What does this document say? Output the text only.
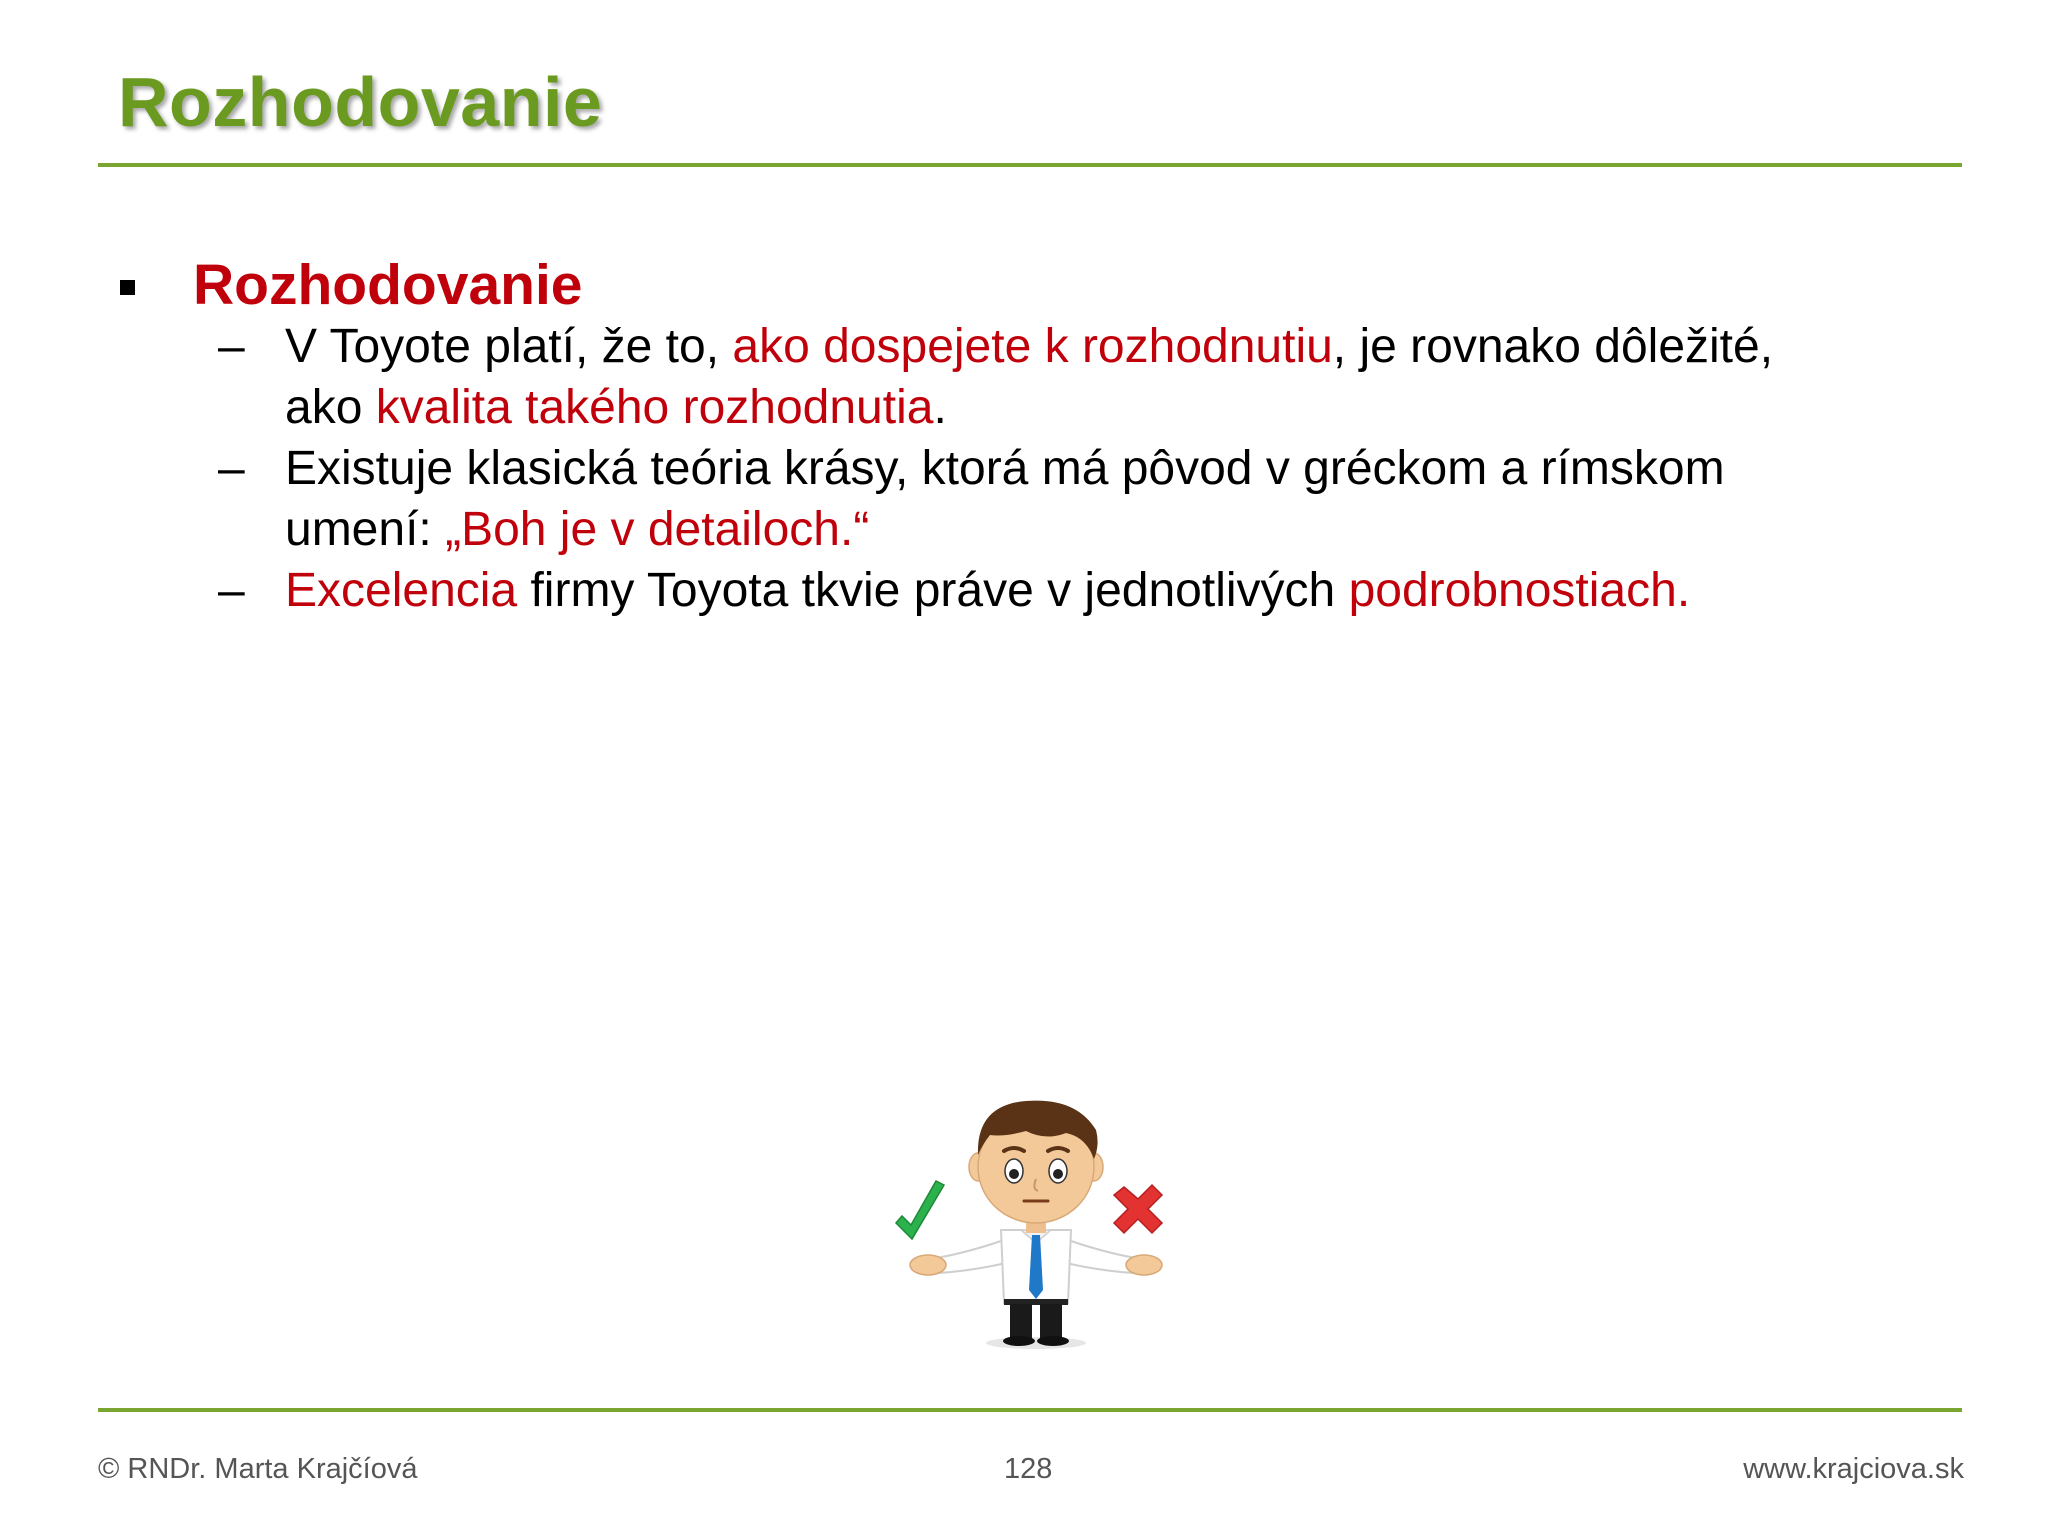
Rozhodovanie
Rozhodovanie
– V Toyote platí, že to, ako dospejete k rozhodnutiu, je rovnako dôležité,
ako kvalita takého rozhodnutia.
– Existuje klasická teória krásy, ktorá má pôvod v gréckom a rímskom
umení: „Boh je v detailoch.“
– Excelencia firmy Toyota tkvie práve v jednotlivých podrobnostiach.
© RNDr. Marta Krajčíová	128	www.krajciova.sk
